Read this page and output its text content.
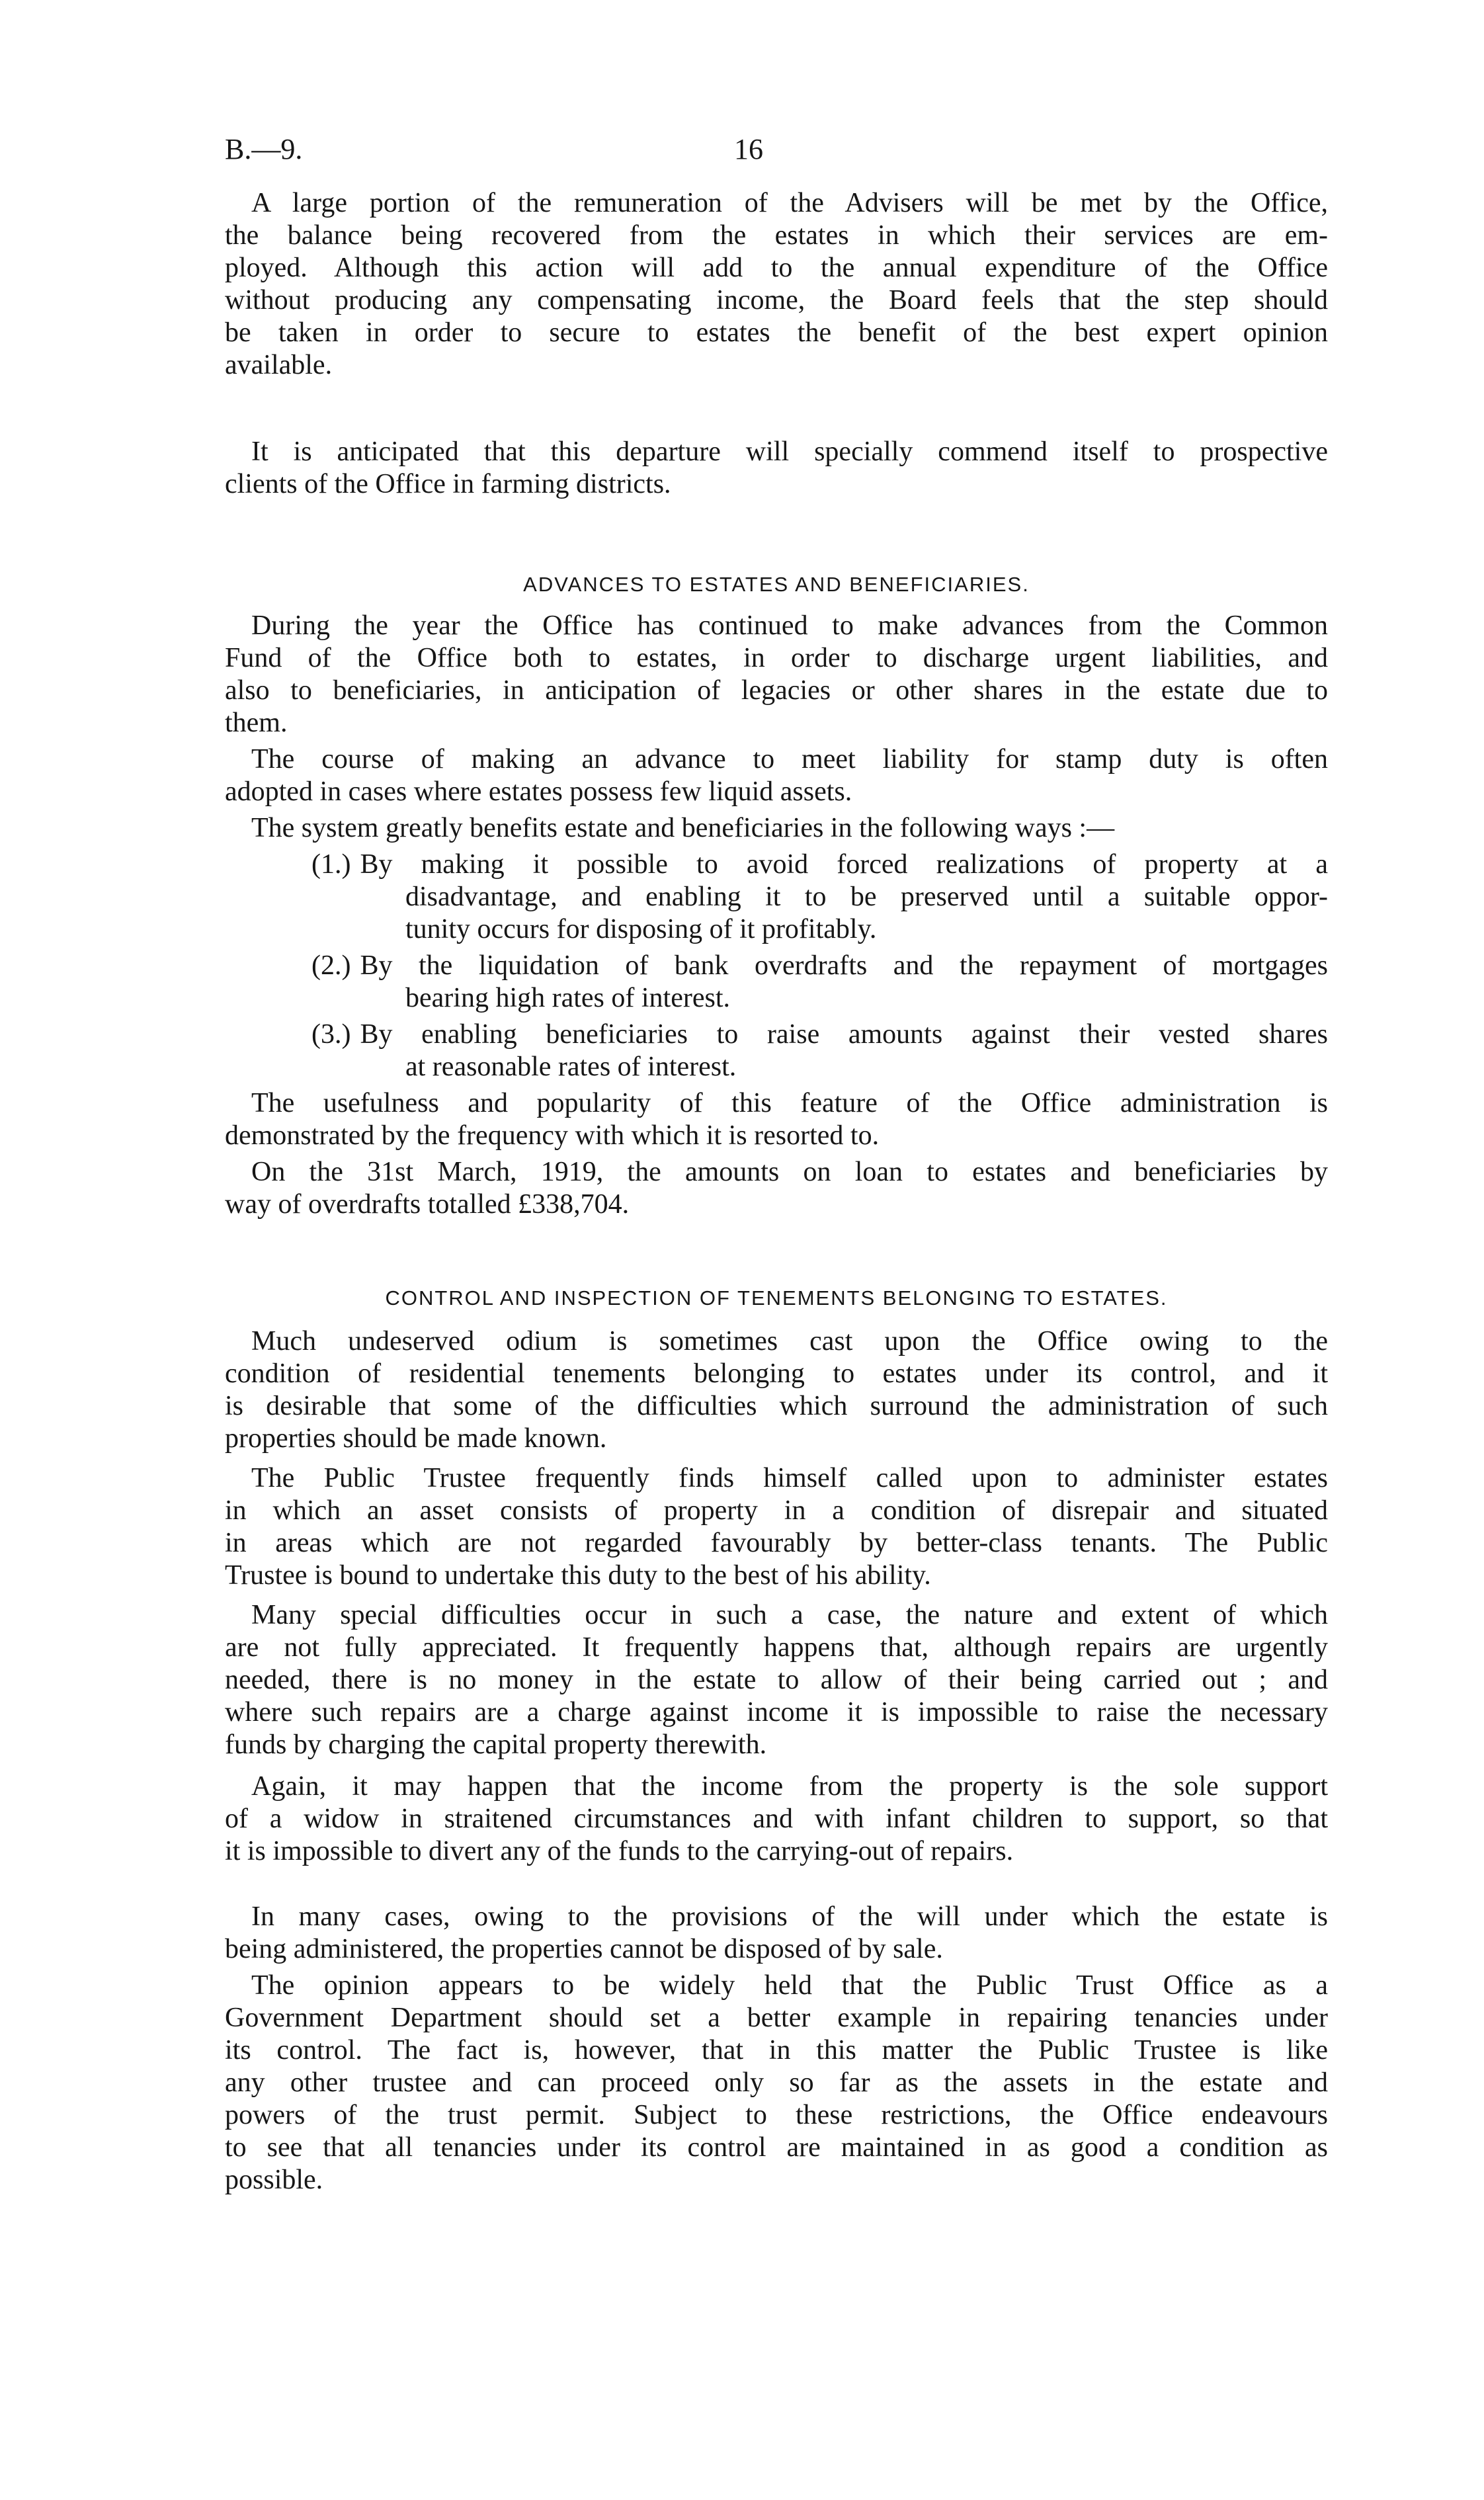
B.—9.	16
A large portion of the remuneration of the Advisers will be met by the Office,
the balance being recovered from the estates in which their services are em-
ployed. Although this action will add to the annual expenditure of the Office
without producing any compensating income, the Board feels that the step should
be taken in order to secure to estates the benefit of the best expert opinion
available.
It is anticipated that this departure will specially commend itself to prospective
clients of the Office in farming districts.
ADVANCES TO ESTATES AND BENEFICIARIES.
During the year the Office has continued to make advances from the Common
Fund of the Office both to estates, in order to discharge urgent liabilities, and
also to beneficiaries, in anticipation of legacies or other shares in the estate due to
them.
The course of making an advance to meet liability for stamp duty is often
adopted in cases where estates possess few liquid assets.
The system greatly benefits estate and beneficiaries in the following ways :—
(1.) By making it possible to avoid forced realizations of property at a
disadvantage, and enabling it to be preserved until a suitable oppor-
tunity occurs for disposing of it profitably.
(2.) By the liquidation of bank overdrafts and the repayment of mortgages
bearing high rates of interest.
(3.) By enabling beneficiaries to raise amounts against their vested shares
at reasonable rates of interest.
The usefulness and popularity of this feature of the Office administration is
demonstrated by the frequency with which it is resorted to.
On the 31st March, 1919, the amounts on loan to estates and beneficiaries by
way of overdrafts totalled £338,704.
CONTROL AND INSPECTION OF TENEMENTS BELONGING TO ESTATES.
Much undeserved odium is sometimes cast upon the Office owing to the
condition of residential tenements belonging to estates under its control, and it
is desirable that some of the difficulties which surround the administration of such
properties should be made known.
The Public Trustee frequently finds himself called upon to administer estates
in which an asset consists of property in a condition of disrepair and situated
in areas which are not regarded favourably by better-class tenants. The Public
Trustee is bound to undertake this duty to the best of his ability.
Many special difficulties occur in such a case, the nature and extent of which
are not fully appreciated. It frequently happens that, although repairs are urgently
needed, there is no money in the estate to allow of their being carried out ; and
where such repairs are a charge against income it is impossible to raise the necessary
funds by charging the capital property therewith.
Again, it may happen that the income from the property is the sole support
of a widow in straitened circumstances and with infant children to support, so that
it is impossible to divert any of the funds to the carrying-out of repairs.
In many cases, owing to the provisions of the will under which the estate is
being administered, the properties cannot be disposed of by sale.
The opinion appears to be widely held that the Public Trust Office as a
Government Department should set a better example in repairing tenancies under
its control. The fact is, however, that in this matter the Public Trustee is like
any other trustee and can proceed only so far as the assets in the estate and
powers of the trust permit. Subject to these restrictions, the Office endeavours
to see that all tenancies under its control are maintained in as good a condition as
possible.
